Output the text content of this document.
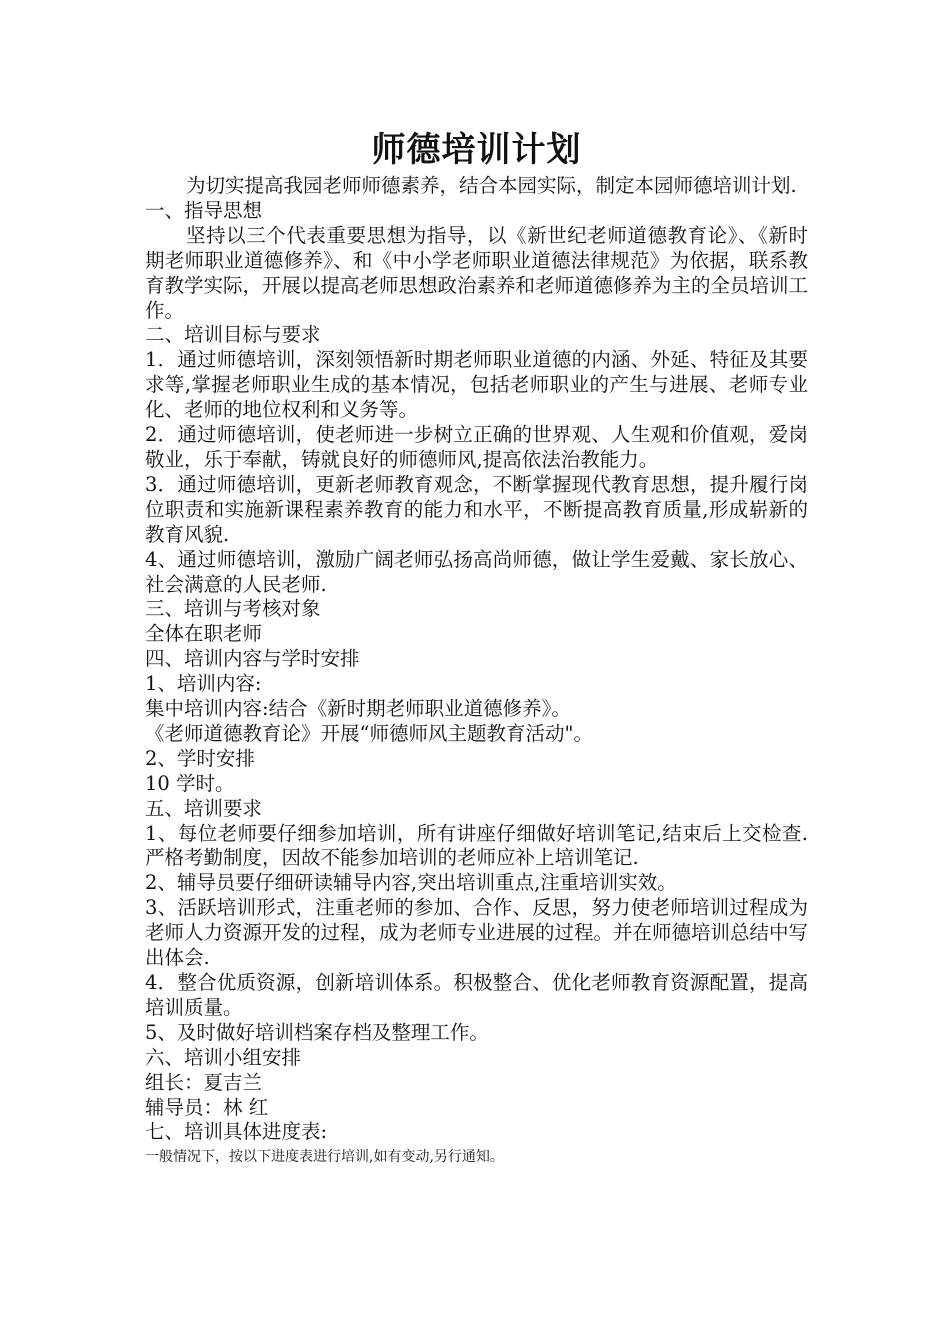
师德培训计划

为切实提高我园老师师德素养，结合本园实际，制定本园师德培训计划.

一、指导思想

坚持以三个代表重要思想为指导，以《新世纪老师道德教育论》、《新时期老师职业道德修养》、和《中小学老师职业道德法律规范》为依据，联系教育教学实际，开展以提高老师思想政治素养和老师道德修养为主的全员培训工作。

二、培训目标与要求

1．通过师德培训，深刻领悟新时期老师职业道德的内涵、外延、特征及其要求等,掌握老师职业生成的基本情况，包括老师职业的产生与进展、老师专业化、老师的地位权利和义务等。

2．通过师德培训，使老师进一步树立正确的世界观、人生观和价值观，爱岗敬业，乐于奉献，铸就良好的师德师风,提高依法治教能力。

3．通过师德培训，更新老师教育观念，不断掌握现代教育思想，提升履行岗位职责和实施新课程素养教育的能力和水平，不断提高教育质量,形成崭新的教育风貌.

4、通过师德培训，激励广阔老师弘扬高尚师德，做让学生爱戴、家长放心、社会满意的人民老师.

三、培训与考核对象

全体在职老师

四、培训内容与学时安排

1、培训内容:

集中培训内容:结合《新时期老师职业道德修养》。

《老师道德教育论》开展“师德师风主题教育活动"。

2、学时安排

10 学时。

五、培训要求

1、每位老师要仔细参加培训，所有讲座仔细做好培训笔记,结束后上交检查.严格考勤制度，因故不能参加培训的老师应补上培训笔记.

2、辅导员要仔细研读辅导内容,突出培训重点,注重培训实效。

3、活跃培训形式，注重老师的参加、合作、反思，努力使老师培训过程成为老师人力资源开发的过程，成为老师专业进展的过程。并在师德培训总结中写出体会.

4．整合优质资源，创新培训体系。积极整合、优化老师教育资源配置，提高培训质量。

5、及时做好培训档案存档及整理工作。

六、培训小组安排

组长：夏吉兰

辅导员：林 红

七、培训具体进度表:

一般情况下，按以下进度表进行培训,如有变动,另行通知。
